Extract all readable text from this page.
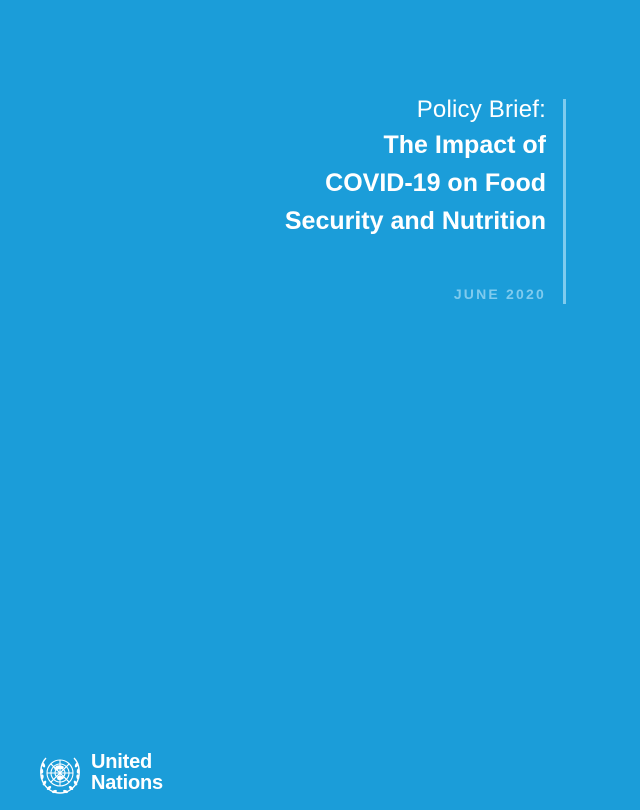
Policy Brief:
The Impact of
COVID-19 on Food
Security and Nutrition
JUNE 2020
United
Nations
